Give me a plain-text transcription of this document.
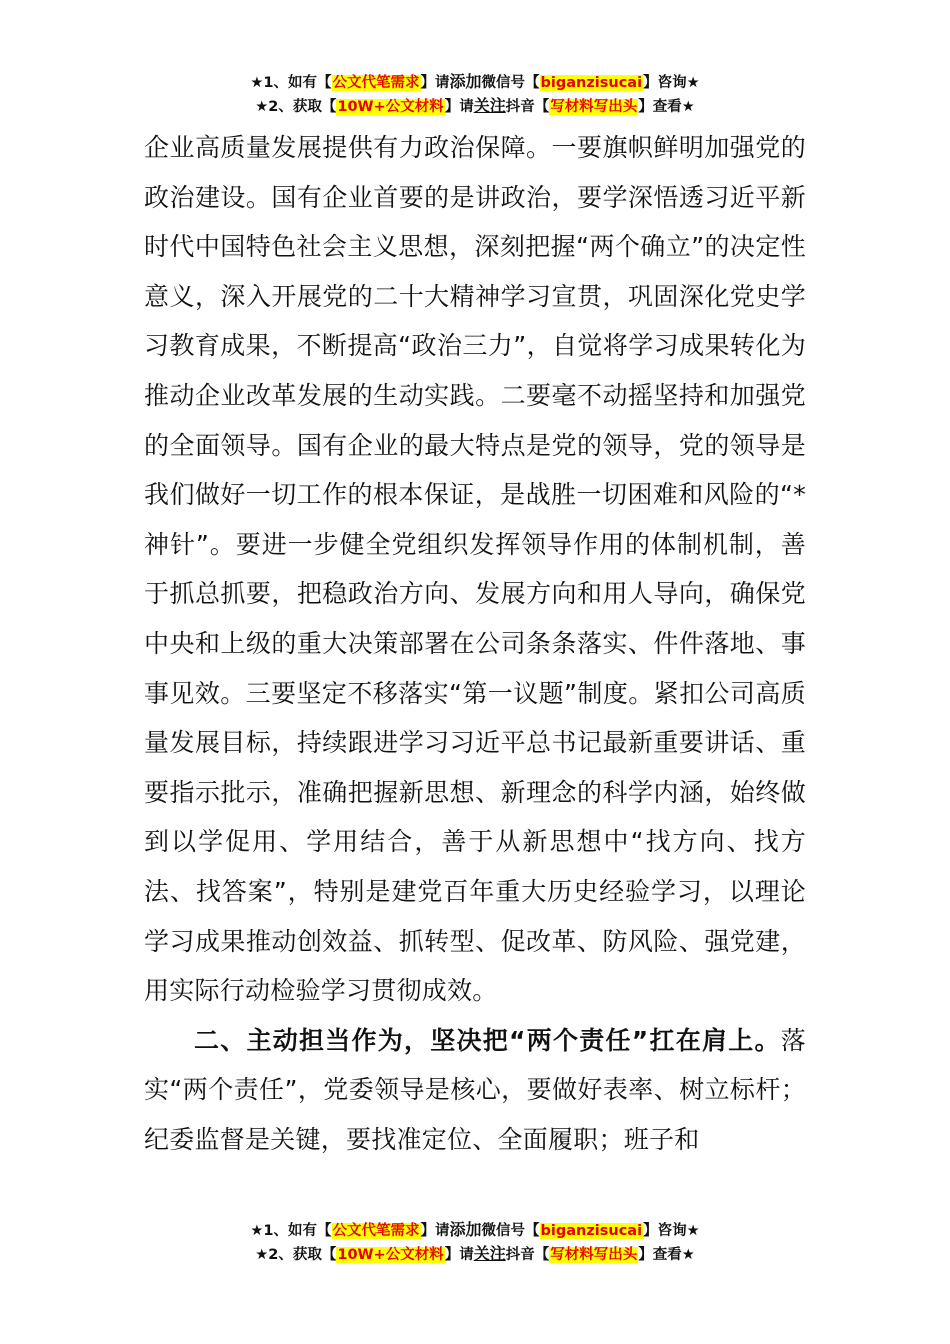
★1、如有【公文代笔需求】请添加微信号【biganzisucai】咨询★
★2、获取【10W+公文材料】请关注抖音【写材料写出头】查看★

企业高质量发展提供有力政治保障。一要旗帜鲜明加强党的政治建设。国有企业首要的是讲政治，要学深悟透习近平新时代中国特色社会主义思想，深刻把握“两个确立”的决定性意义，深入开展党的二十大精神学习宣贯，巩固深化党史学习教育成果，不断提高“政治三力”，自觉将学习成果转化为推动企业改革发展的生动实践。二要毫不动摇坚持和加强党的全面领导。国有企业的最大特点是党的领导，党的领导是我们做好一切工作的根本保证，是战胜一切困难和风险的“*神针”。要进一步健全党组织发挥领导作用的体制机制，善于抓总抓要，把稳政治方向、发展方向和用人导向，确保党中央和上级的重大决策部署在公司条条落实、件件落地、事事见效。三要坚定不移落实“第一议题”制度。紧扣公司高质量发展目标，持续跟进学习习近平总书记最新重要讲话、重要指示批示，准确把握新思想、新理念的科学内涵，始终做到以学促用、学用结合，善于从新思想中“找方向、找方法、找答案”，特别是建党百年重大历史经验学习，以理论学习成果推动创效益、抓转型、促改革、防风险、强党建，用实际行动检验学习贯彻成效。

二、主动担当作为，坚决把“两个责任”扛在肩上。落实“两个责任”，党委领导是核心，要做好表率、树立标杆；纪委监督是关键，要找准定位、全面履职；班子和

★1、如有【公文代笔需求】请添加微信号【biganzisucai】咨询★
★2、获取【10W+公文材料】请关注抖音【写材料写出头】查看★
